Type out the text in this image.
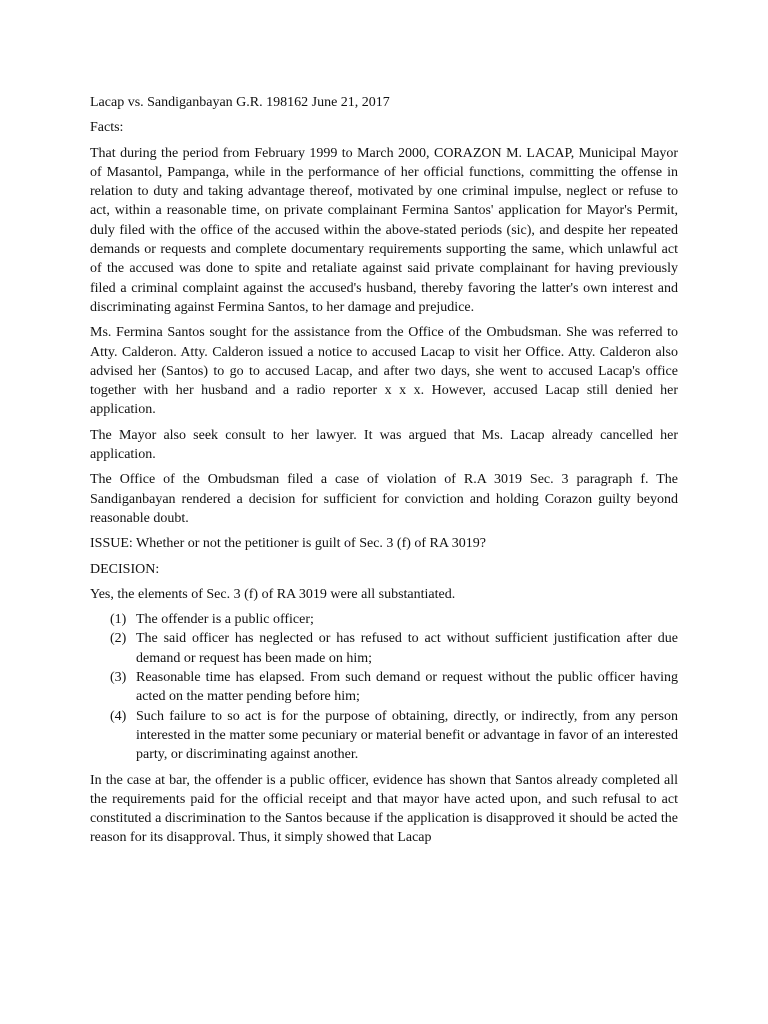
Lacap vs. Sandiganbayan G.R. 198162 June 21, 2017

Facts:

That during the period from February 1999 to March 2000, CORAZON M. LACAP, Municipal Mayor of Masantol, Pampanga, while in the performance of her official functions, committing the offense in relation to duty and taking advantage thereof, motivated by one criminal impulse, neglect or refuse to act, within a reasonable time, on private complainant Fermina Santos' application for Mayor's Permit, duly filed with the office of the accused within the above-stated periods (sic), and despite her repeated demands or requests and complete documentary requirements supporting the same, which unlawful act of the accused was done to spite and retaliate against said private complainant for having previously filed a criminal complaint against the accused's husband, thereby favoring the latter's own interest and discriminating against Fermina Santos, to her damage and prejudice.

Ms. Fermina Santos sought for the assistance from the Office of the Ombudsman. She was referred to Atty. Calderon. Atty. Calderon issued a notice to accused Lacap to visit her Office. Atty. Calderon also advised her (Santos) to go to accused Lacap, and after two days, she went to accused Lacap's office together with her husband and a radio reporter x x x. However, accused Lacap still denied her application.

The Mayor also seek consult to her lawyer. It was argued that Ms. Lacap already cancelled her application.

The Office of the Ombudsman filed a case of violation of R.A 3019 Sec. 3 paragraph f. The Sandiganbayan rendered a decision for sufficient for conviction and holding Corazon guilty beyond reasonable doubt.

ISSUE: Whether or not the petitioner is guilt of Sec. 3 (f) of RA 3019?

DECISION:

Yes, the elements of Sec. 3 (f) of RA 3019 were all substantiated.

(1) The offender is a public officer;
(2) The said officer has neglected or has refused to act without sufficient justification after due demand or request has been made on him;
(3) Reasonable time has elapsed. From such demand or request without the public officer having acted on the matter pending before him;
(4) Such failure to so act is for the purpose of obtaining, directly, or indirectly, from any person interested in the matter some pecuniary or material benefit or advantage in favor of an interested party, or discriminating against another.

In the case at bar, the offender is a public officer, evidence has shown that Santos already completed all the requirements paid for the official receipt and that mayor have acted upon, and such refusal to act constituted a discrimination to the Santos because if the application is disapproved it should be acted the reason for its disapproval. Thus, it simply showed that Lacap
